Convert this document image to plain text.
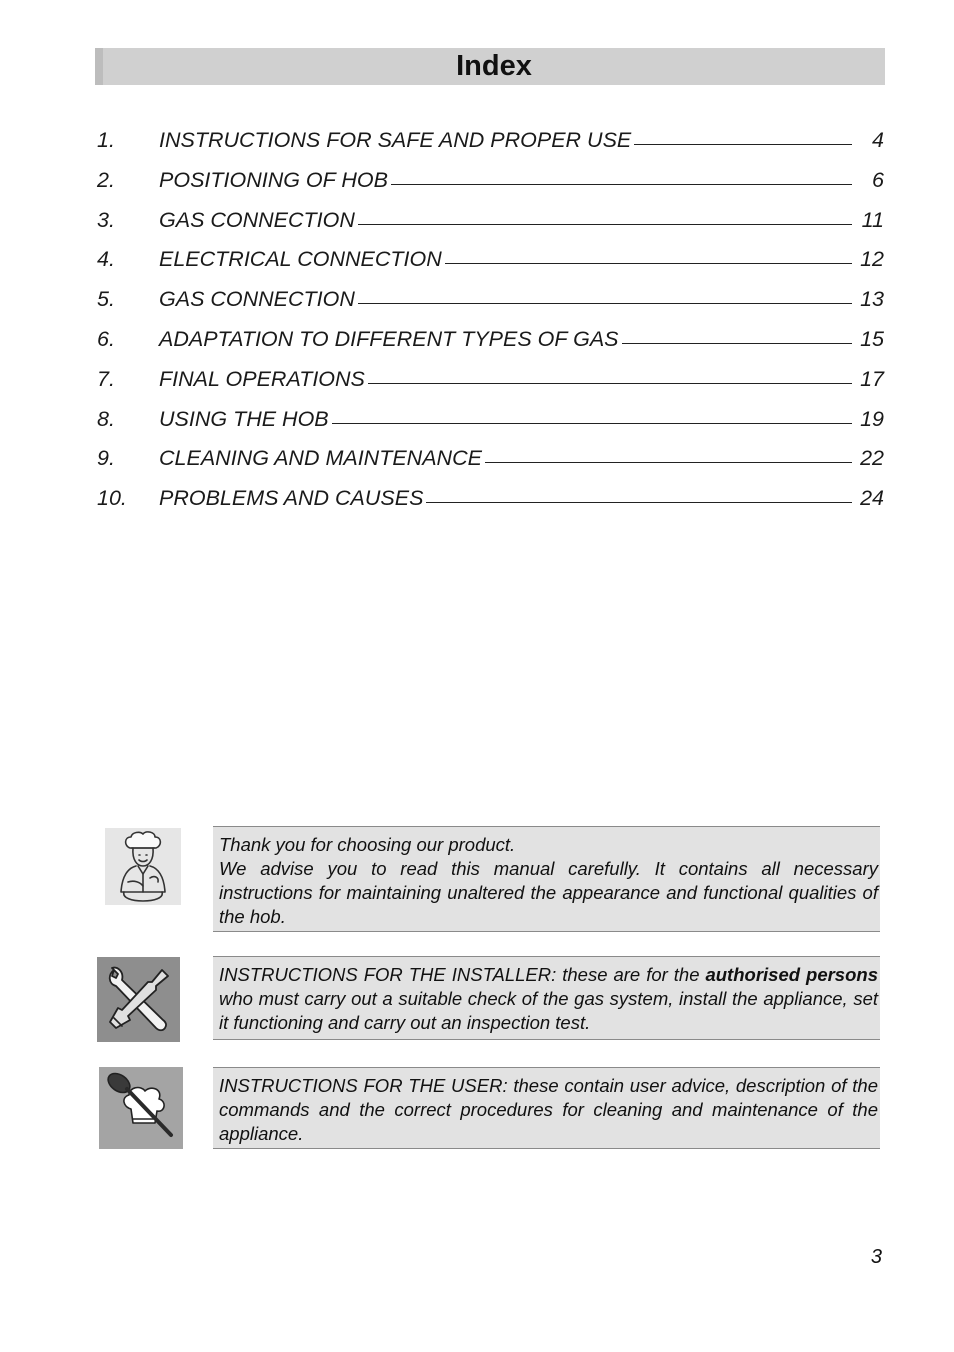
Index
1.	INSTRUCTIONS FOR SAFE AND PROPER USE	4
2.	POSITIONING OF HOB	6
3.	GAS CONNECTION	11
4.	ELECTRICAL CONNECTION	12
5.	GAS CONNECTION	13
6.	ADAPTATION TO DIFFERENT TYPES OF GAS	15
7.	FINAL OPERATIONS	17
8.	USING THE HOB	19
9.	CLEANING AND MAINTENANCE	22
10.	PROBLEMS AND CAUSES	24

Thank you for choosing our product.

We advise you to read this manual carefully. It contains all necessary instructions for maintaining unaltered the appearance and functional qualities of the hob.

INSTRUCTIONS FOR THE INSTALLER: these are for the authorised persons who must carry out a suitable check of the gas system, install the appliance, set it functioning and carry out an inspection test.

INSTRUCTIONS FOR THE USER: these contain user advice, description of the commands and the correct procedures for cleaning and maintenance of the appliance.

3
